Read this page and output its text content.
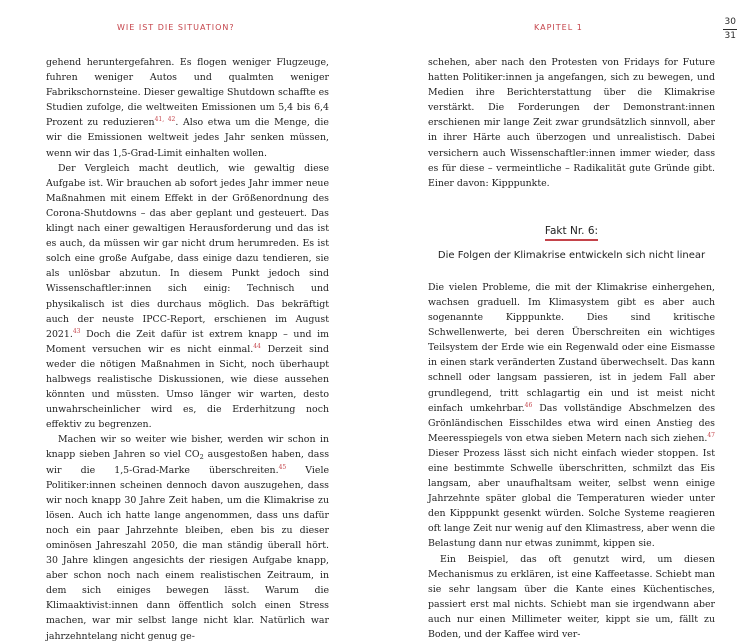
WIE IST DIE SITUATION?

gehend heruntergefahren. Es flogen weniger Flugzeuge, fuhren weniger Autos und qualmten weniger Fabrikschornsteine. Dieser gewaltige Shutdown schaffte es Studien zufolge, die weltweiten Emissionen um 5,4 bis 6,4 Prozent zu reduzieren$^{41, 42}$. Also etwa um die Menge, die wir die Emissionen weltweit jedes Jahr senken müssen, wenn wir das 1,5-Grad-Limit einhalten wollen.

Der Vergleich macht deutlich, wie gewaltig diese Aufgabe ist. Wir brauchen ab sofort jedes Jahr immer neue Maßnahmen mit einem Effekt in der Größenordnung des Corona-Shutdowns – das aber geplant und gesteuert. Das klingt nach einer gewaltigen Herausforderung und das ist es auch, da müssen wir gar nicht drum herumreden. Es ist solch eine große Aufgabe, dass einige dazu tendieren, sie als unlösbar abzutun. In diesem Punkt jedoch sind Wissenschaftler:innen sich einig: Technisch und physikalisch ist dies durchaus möglich. Das bekräftigt auch der neuste IPCC-Report, erschienen im August 2021.43 Doch die Zeit dafür ist extrem knapp – und im Moment versuchen wir es nicht einmal.$^{44}$ Derzeit sind weder die nötigen Maßnahmen in Sicht, noch überhaupt halbwegs realistische Diskussionen, wie diese aussehen könnten und müssten. Umso länger wir warten, desto unwahrscheinlicher wird es, die Erderhitzung noch effektiv zu begrenzen.

Machen wir so weiter wie bisher, werden wir schon in knapp sieben Jahren so viel $CO_2$ ausgestoßen haben, dass wir die 1,5-Grad-Marke überschreiten.$^{45}$ Viele Politiker:innen scheinen dennoch davon auszugehen, dass wir noch knapp 30 Jahre Zeit haben, um die Klimakrise zu lösen. Auch ich hatte lange angenommen, dass uns dafür noch ein paar Jahrzehnte bleiben, eben bis zu dieser ominösen Jahreszahl 2050, die man ständig überall hört. 30 Jahre klingen angesichts der riesigen Aufgabe knapp, aber schon noch nach einem realistischen Zeitraum, in dem sich einiges bewegen lässt. Warum die Klimaaktivist:innen dann öffentlich solch einen Stress machen, war mir selbst lange nicht klar. Natürlich war jahrzehntelang nicht genug ge-

KAPITEL 1
30
31

schehen, aber nach den Protesten von Fridays for Future hatten Politiker:innen ja angefangen, sich zu bewegen, und Medien ihre Berichterstattung über die Klimakrise verstärkt. Die Forderungen der Demonstrant:innen erschienen mir lange Zeit zwar grundsätzlich sinnvoll, aber in ihrer Härte auch überzogen und unrealistisch. Dabei versichern auch Wissenschaftler:innen immer wieder, dass es für diese – vermeintliche – Radikalität gute Gründe gibt. Einer davon: Kipppunkte.

Fakt Nr. 6:
Die Folgen der Klimakrise entwickeln sich nicht linear

Die vielen Probleme, die mit der Klimakrise einhergehen, wachsen graduell. Im Klimasystem gibt es aber auch sogenannte Kipppunkte. Dies sind kritische Schwellenwerte, bei deren Überschreiten ein wichtiges Teilsystem der Erde wie ein Regenwald oder eine Eismasse in einen stark veränderten Zustand überwechselt. Das kann schnell oder langsam passieren, ist in jedem Fall aber grundlegend, tritt schlagartig ein und ist meist nicht einfach umkehrbar.$^{46}$ Das vollständige Abschmelzen des Grönländischen Eisschildes etwa wird einen Anstieg des Meeresspiegels von etwa sieben Metern nach sich ziehen.$^{47}$ Dieser Prozess lässt sich nicht einfach wieder stoppen. Ist eine bestimmte Schwelle überschritten, schmilzt das Eis langsam, aber unaufhaltsam weiter, selbst wenn einige Jahrzehnte später global die Temperaturen wieder unter den Kipppunkt gesenkt würden. Solche Systeme reagieren oft lange Zeit nur wenig auf den Klimastress, aber wenn die Belastung dann nur etwas zunimmt, kippen sie.

Ein Beispiel, das oft genutzt wird, um diesen Mechanismus zu erklären, ist eine Kaffeetasse. Schiebt man sie sehr langsam über die Kante eines Küchentisches, passiert erst mal nichts. Schiebt man sie irgendwann aber auch nur einen Millimeter weiter, kippt sie um, fällt zu Boden, und der Kaffee wird ver-
